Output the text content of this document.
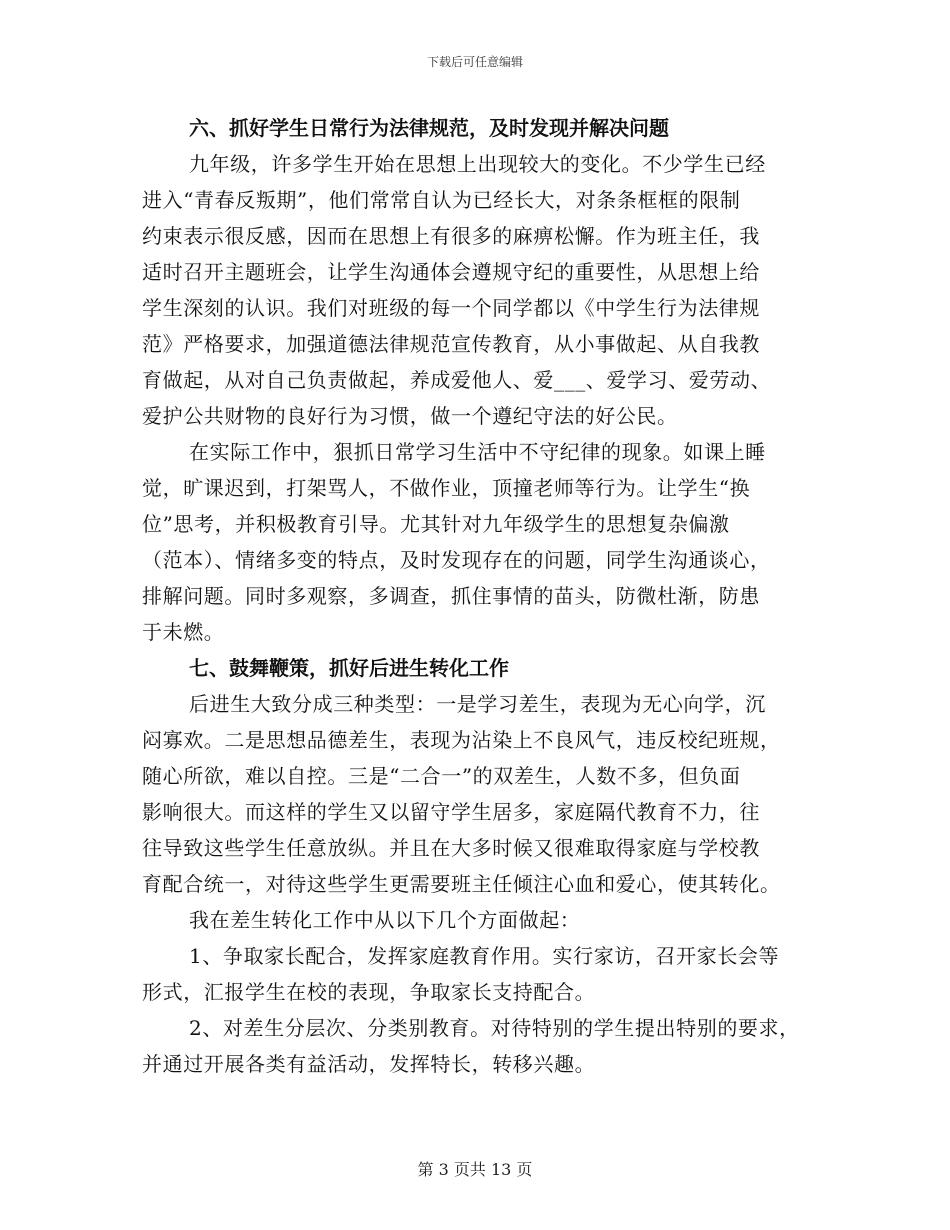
下载后可任意编辑

六、抓好学生日常行为法律规范，及时发现并解决问题

九年级，许多学生开始在思想上出现较大的变化。不少学生已经

进入“青春反叛期”，他们常常自认为已经长大，对条条框框的限制

约束表示很反感，因而在思想上有很多的麻痹松懈。作为班主任，我

适时召开主题班会，让学生沟通体会遵规守纪的重要性，从思想上给

学生深刻的认识。我们对班级的每一个同学都以《中学生行为法律规

范》严格要求，加强道德法律规范宣传教育，从小事做起、从自我教

育做起，从对自己负责做起，养成爱他人、爱___、爱学习、爱劳动、

爱护公共财物的良好行为习惯，做一个遵纪守法的好公民。

在实际工作中，狠抓日常学习生活中不守纪律的现象。如课上睡

觉，旷课迟到，打架骂人，不做作业，顶撞老师等行为。让学生“换

位”思考，并积极教育引导。尤其针对九年级学生的思想复杂偏激

（范本）、情绪多变的特点，及时发现存在的问题，同学生沟通谈心，

排解问题。同时多观察，多调查，抓住事情的苗头，防微杜渐，防患

于未燃。

七、鼓舞鞭策，抓好后进生转化工作

后进生大致分成三种类型：一是学习差生，表现为无心向学，沉

闷寡欢。二是思想品德差生，表现为沾染上不良风气，违反校纪班规，

随心所欲，难以自控。三是“二合一”的双差生，人数不多，但负面

影响很大。而这样的学生又以留守学生居多，家庭隔代教育不力，往

往导致这些学生任意放纵。并且在大多时候又很难取得家庭与学校教

育配合统一，对待这些学生更需要班主任倾注心血和爱心，使其转化。

我在差生转化工作中从以下几个方面做起：

1、争取家长配合，发挥家庭教育作用。实行家访，召开家长会等

形式，汇报学生在校的表现，争取家长支持配合。

2、对差生分层次、分类别教育。对待特别的学生提出特别的要求，

并通过开展各类有益活动，发挥特长，转移兴趣。

第 3 页共 13 页
